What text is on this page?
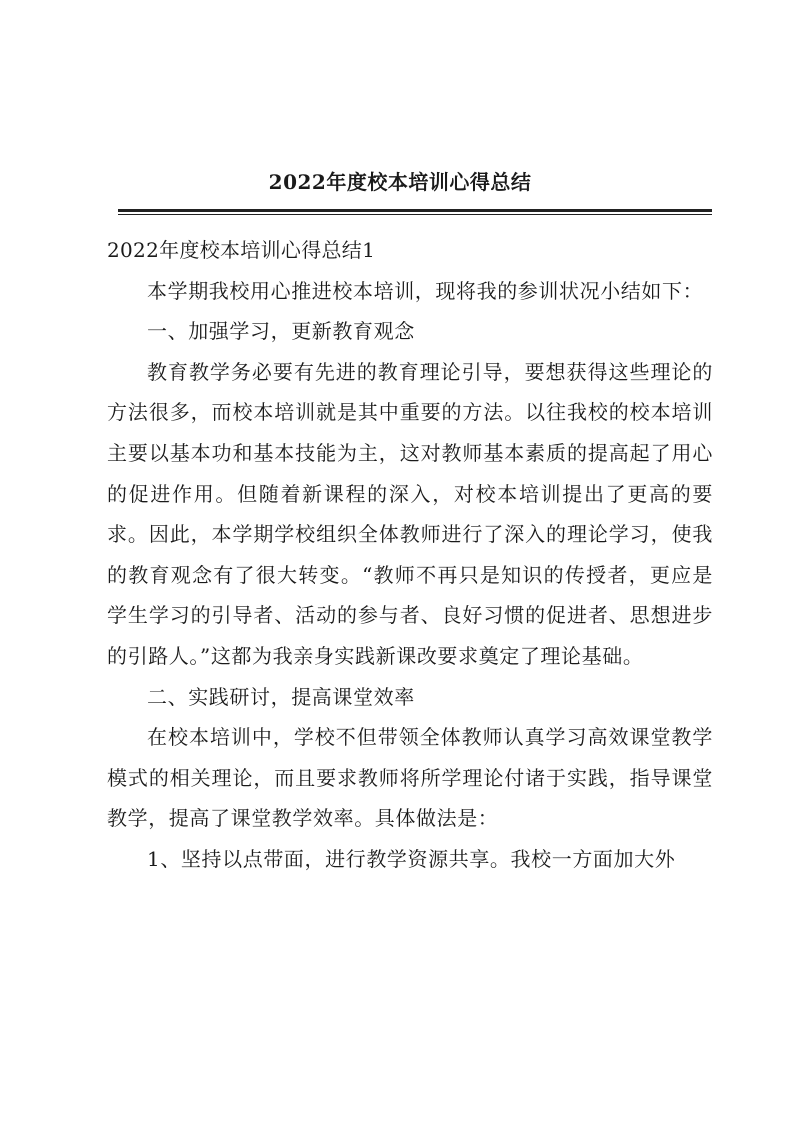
2022年度校本培训心得总结

2022年度校本培训心得总结1

本学期我校用心推进校本培训，现将我的参训状况小结如下：

一、加强学习，更新教育观念

教育教学务必要有先进的教育理论引导，要想获得这些理论的方法很多，而校本培训就是其中重要的方法。以往我校的校本培训主要以基本功和基本技能为主，这对教师基本素质的提高起了用心的促进作用。但随着新课程的深入，对校本培训提出了更高的要求。因此，本学期学校组织全体教师进行了深入的理论学习，使我的教育观念有了很大转变。“教师不再只是知识的传授者，更应是学生学习的引导者、活动的参与者、良好习惯的促进者、思想进步的引路人。”这都为我亲身实践新课改要求奠定了理论基础。

二、实践研讨，提高课堂效率

在校本培训中，学校不但带领全体教师认真学习高效课堂教学模式的相关理论，而且要求教师将所学理论付诸于实践，指导课堂教学，提高了课堂教学效率。具体做法是：

1、坚持以点带面，进行教学资源共享。我校一方面加大外
